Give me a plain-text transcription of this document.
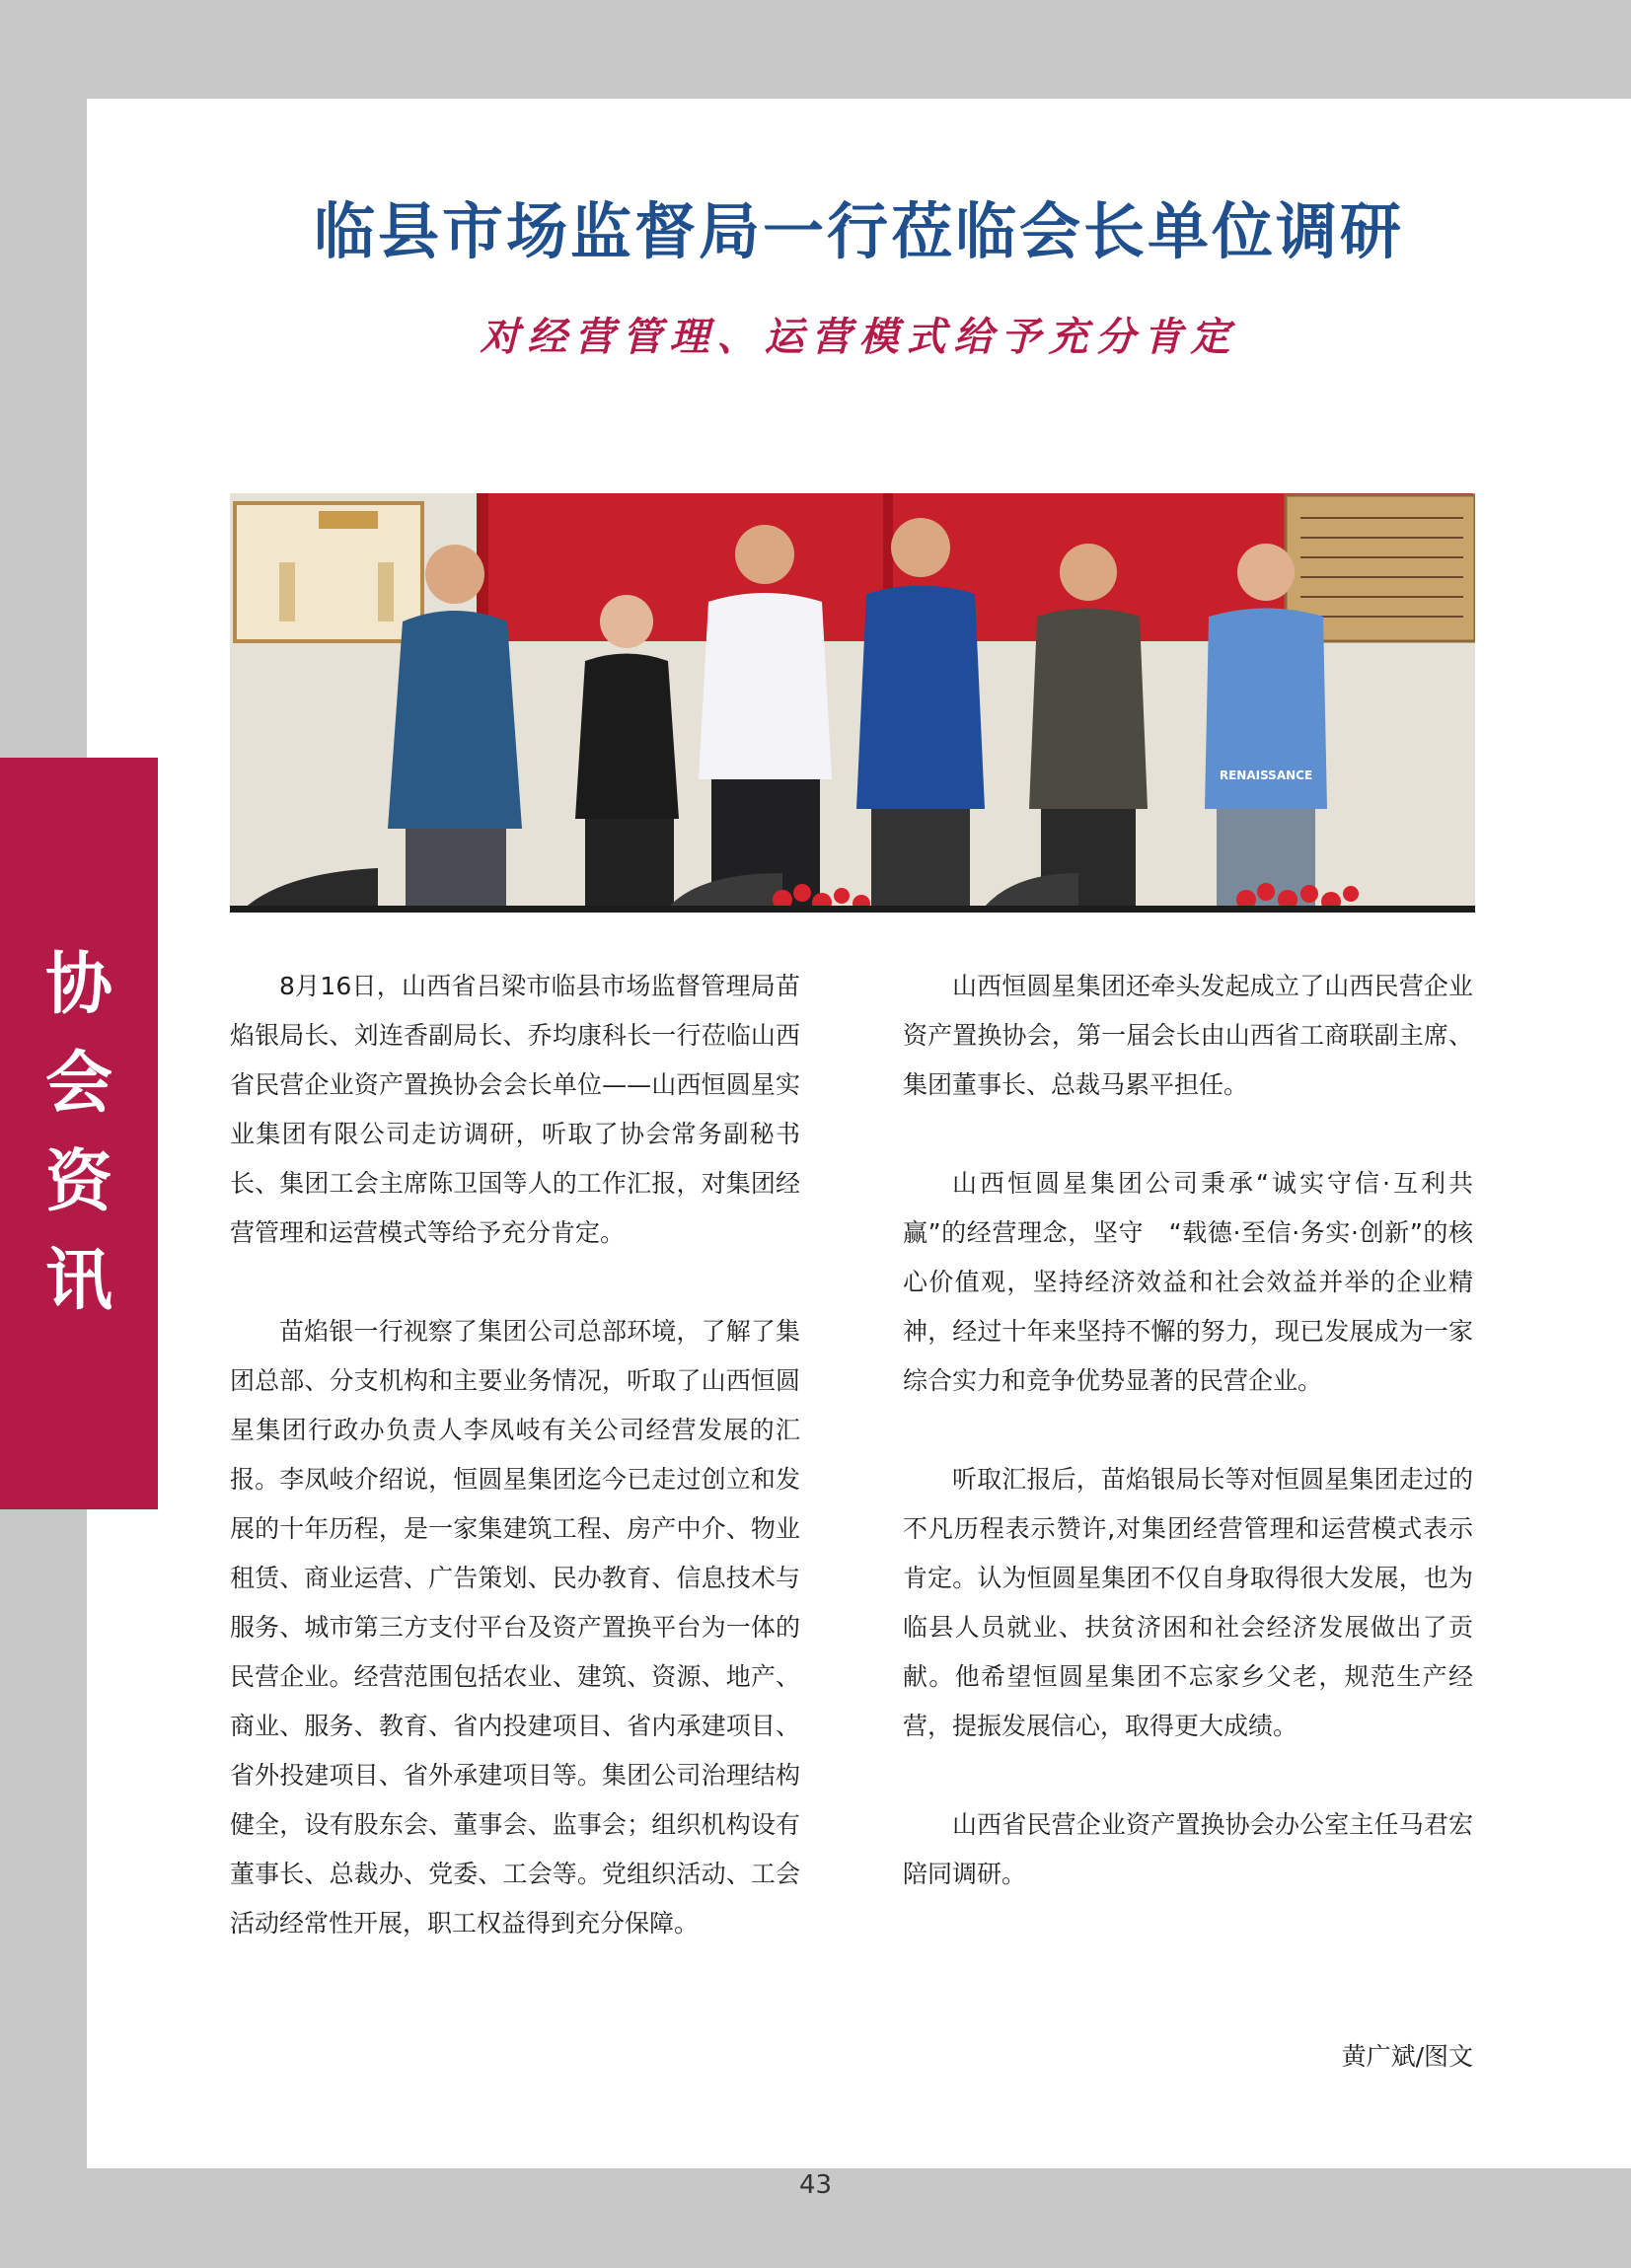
协
会
资
讯
临县市场监督局一行莅临会长单位调研
对经营管理、运营模式给予充分肯定
RENAISSANCE

8月16日，山西省吕梁市临县市场监督管理局苗焰银局长、刘连香副局长、乔均康科长一行莅临山西省民营企业资产置换协会会长单位——山西恒圆星实业集团有限公司走访调研，听取了协会常务副秘书长、集团工会主席陈卫国等人的工作汇报，对集团经营管理和运营模式等给予充分肯定。

苗焰银一行视察了集团公司总部环境，了解了集团总部、分支机构和主要业务情况，听取了山西恒圆星集团行政办负责人李凤岐有关公司经营发展的汇报。李凤岐介绍说，恒圆星集团迄今已走过创立和发展的十年历程，是一家集建筑工程、房产中介、物业租赁、商业运营、广告策划、民办教育、信息技术与服务、城市第三方支付平台及资产置换平台为一体的民营企业。经营范围包括农业、建筑、资源、地产、商业、服务、教育、省内投建项目、省内承建项目、省外投建项目、省外承建项目等。集团公司治理结构健全，设有股东会、董事会、监事会；组织机构设有董事长、总裁办、党委、工会等。党组织活动、工会活动经常性开展，职工权益得到充分保障。

山西恒圆星集团还牵头发起成立了山西民营企业资产置换协会，第一届会长由山西省工商联副主席、集团董事长、总裁马累平担任。

山西恒圆星集团公司秉承“诚实守信·互利共赢”的经营理念，坚守　“载德·至信·务实·创新”的核心价值观，坚持经济效益和社会效益并举的企业精神，经过十年来坚持不懈的努力，现已发展成为一家综合实力和竞争优势显著的民营企业。

听取汇报后，苗焰银局长等对恒圆星集团走过的不凡历程表示赞许,对集团经营管理和运营模式表示肯定。认为恒圆星集团不仅自身取得很大发展，也为临县人员就业、扶贫济困和社会经济发展做出了贡献。他希望恒圆星集团不忘家乡父老，规范生产经营，提振发展信心，取得更大成绩。

山西省民营企业资产置换协会办公室主任马君宏陪同调研。

黄广斌/图文
43
